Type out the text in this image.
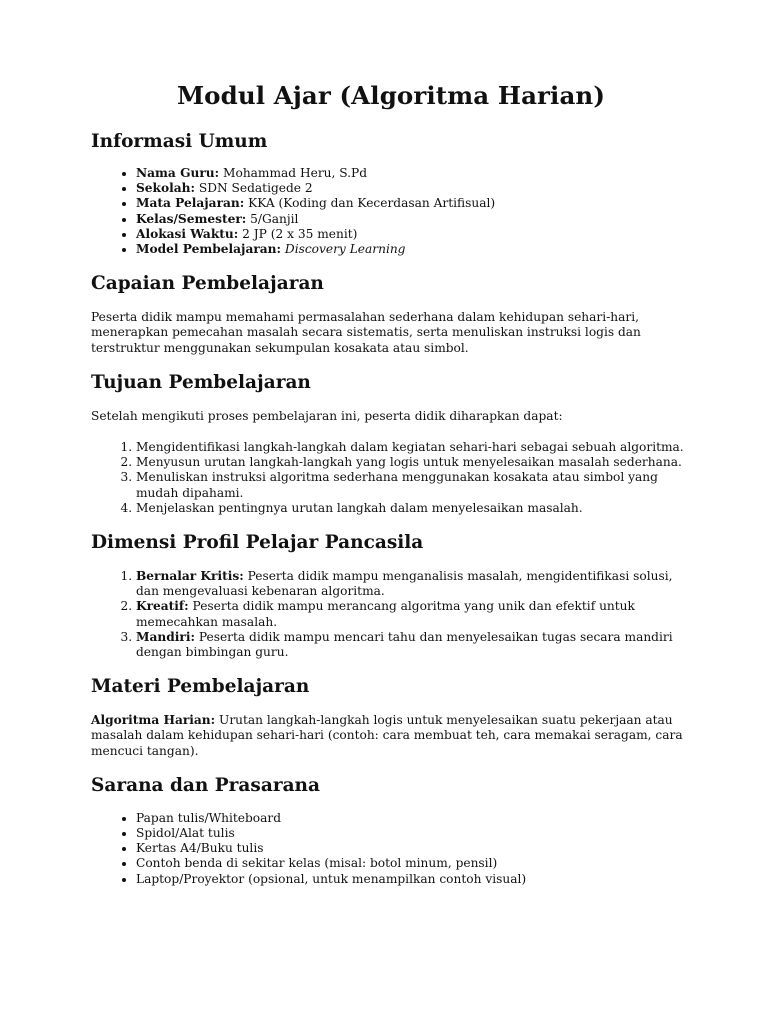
Modul Ajar (Algoritma Harian)
Informasi Umum
• Nama Guru: Mohammad Heru, S.Pd
• Sekolah: SDN Sedatigede 2
• Mata Pelajaran: KKA (Koding dan Kecerdasan Artifisual)
• Kelas/Semester: 5/Ganjil
• Alokasi Waktu: 2 JP (2 x 35 menit)
• Model Pembelajaran: Discovery Learning
Capaian Pembelajaran

Peserta didik mampu memahami permasalahan sederhana dalam kehidupan sehari-hari, menerapkan pemecahan masalah secara sistematis, serta menuliskan instruksi logis dan terstruktur menggunakan sekumpulan kosakata atau simbol.

Tujuan Pembelajaran

Setelah mengikuti proses pembelajaran ini, peserta didik diharapkan dapat:

1. Mengidentifikasi langkah-langkah dalam kegiatan sehari-hari sebagai sebuah algoritma.
2. Menyusun urutan langkah-langkah yang logis untuk menyelesaikan masalah sederhana.
3. Menuliskan instruksi algoritma sederhana menggunakan kosakata atau simbol yang mudah dipahami.
4. Menjelaskan pentingnya urutan langkah dalam menyelesaikan masalah.
Dimensi Profil Pelajar Pancasila
1. Bernalar Kritis: Peserta didik mampu menganalisis masalah, mengidentifikasi solusi, dan mengevaluasi kebenaran algoritma.
2. Kreatif: Peserta didik mampu merancang algoritma yang unik dan efektif untuk memecahkan masalah.
3. Mandiri: Peserta didik mampu mencari tahu dan menyelesaikan tugas secara mandiri dengan bimbingan guru.
Materi Pembelajaran

Algoritma Harian: Urutan langkah-langkah logis untuk menyelesaikan suatu pekerjaan atau masalah dalam kehidupan sehari-hari (contoh: cara membuat teh, cara memakai seragam, cara mencuci tangan).

Sarana dan Prasarana
• Papan tulis/Whiteboard
• Spidol/Alat tulis
• Kertas A4/Buku tulis
• Contoh benda di sekitar kelas (misal: botol minum, pensil)
• Laptop/Proyektor (opsional, untuk menampilkan contoh visual)
